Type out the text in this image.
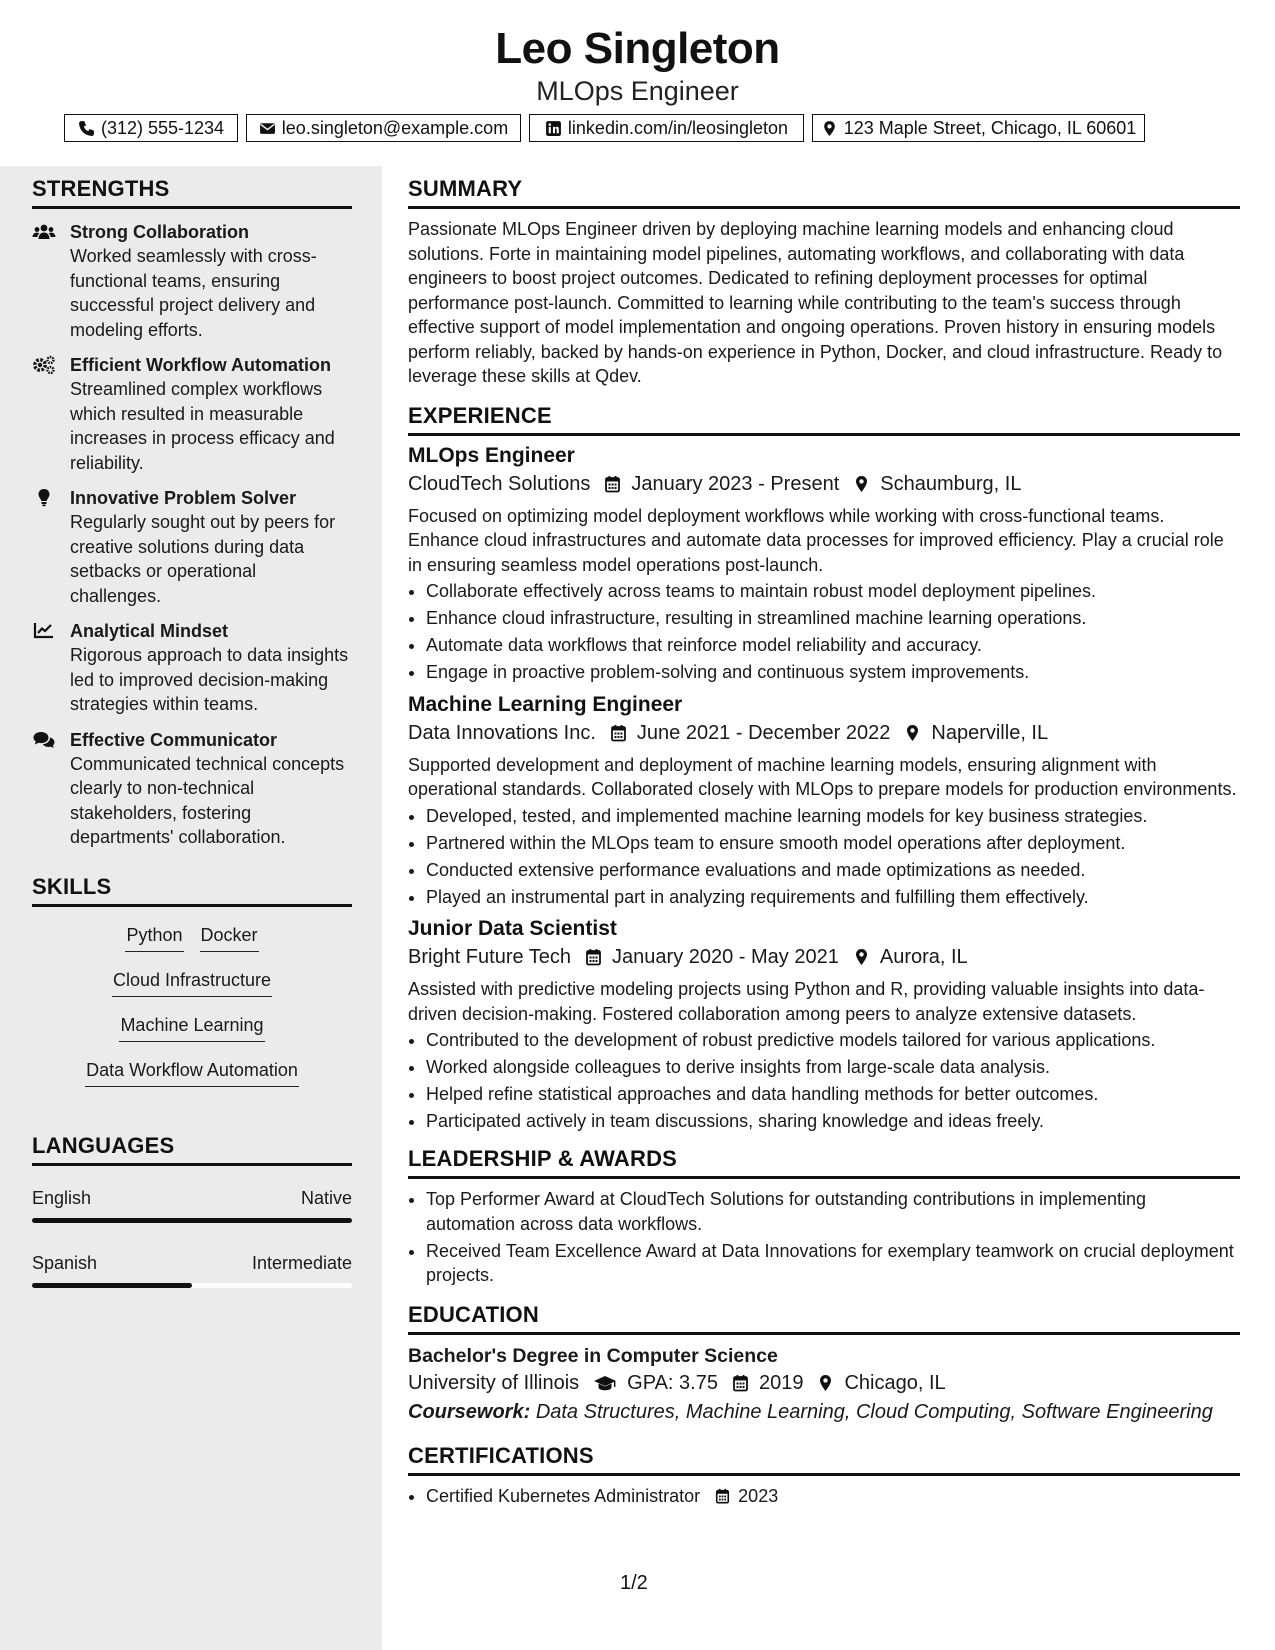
Leo Singleton
MLOps Engineer
(312) 555-1234	leo.singleton@example.com	linkedin.com/in/leosingleton	123 Maple Street, Chicago, IL 60601
STRENGTHS
Strong Collaboration
Worked seamlessly with cross-functional teams, ensuring successful project delivery and modeling efforts.
Efficient Workflow Automation
Streamlined complex workflows which resulted in measurable increases in process efficacy and reliability.
Innovative Problem Solver
Regularly sought out by peers for creative solutions during data setbacks or operational challenges.
Analytical Mindset
Rigorous approach to data insights led to improved decision-making strategies within teams.
Effective Communicator
Communicated technical concepts clearly to non-technical stakeholders, fostering departments' collaboration.
SKILLS
Python Docker
Cloud Infrastructure
Machine Learning
Data Workflow Automation
LANGUAGES
English	Native
Spanish	Intermediate
SUMMARY
Passionate MLOps Engineer driven by deploying machine learning models and enhancing cloud solutions. Forte in maintaining model pipelines, automating workflows, and collaborating with data engineers to boost project outcomes. Dedicated to refining deployment processes for optimal performance post-launch. Committed to learning while contributing to the team's success through effective support of model implementation and ongoing operations. Proven history in ensuring models perform reliably, backed by hands-on experience in Python, Docker, and cloud infrastructure. Ready to leverage these skills at Qdev.
EXPERIENCE
MLOps Engineer
CloudTech Solutions January 2023 - Present Schaumburg, IL
Focused on optimizing model deployment workflows while working with cross-functional teams. Enhance cloud infrastructures and automate data processes for improved efficiency. Play a crucial role in ensuring seamless model operations post-launch.
• Collaborate effectively across teams to maintain robust model deployment pipelines.
• Enhance cloud infrastructure, resulting in streamlined machine learning operations.
• Automate data workflows that reinforce model reliability and accuracy.
• Engage in proactive problem-solving and continuous system improvements.
Machine Learning Engineer
Data Innovations Inc. June 2021 - December 2022 Naperville, IL
Supported development and deployment of machine learning models, ensuring alignment with operational standards. Collaborated closely with MLOps to prepare models for production environments.
• Developed, tested, and implemented machine learning models for key business strategies.
• Partnered within the MLOps team to ensure smooth model operations after deployment.
• Conducted extensive performance evaluations and made optimizations as needed.
• Played an instrumental part in analyzing requirements and fulfilling them effectively.
Junior Data Scientist
Bright Future Tech January 2020 - May 2021 Aurora, IL
Assisted with predictive modeling projects using Python and R, providing valuable insights into data-driven decision-making. Fostered collaboration among peers to analyze extensive datasets.
• Contributed to the development of robust predictive models tailored for various applications.
• Worked alongside colleagues to derive insights from large-scale data analysis.
• Helped refine statistical approaches and data handling methods for better outcomes.
• Participated actively in team discussions, sharing knowledge and ideas freely.
LEADERSHIP & AWARDS
• Top Performer Award at CloudTech Solutions for outstanding contributions in implementing automation across data workflows.
• Received Team Excellence Award at Data Innovations for exemplary teamwork on crucial deployment projects.
EDUCATION
Bachelor's Degree in Computer Science
University of Illinois GPA: 3.75 2019 Chicago, IL
Coursework: Data Structures, Machine Learning, Cloud Computing, Software Engineering
CERTIFICATIONS
• Certified Kubernetes Administrator 2023
1/2
